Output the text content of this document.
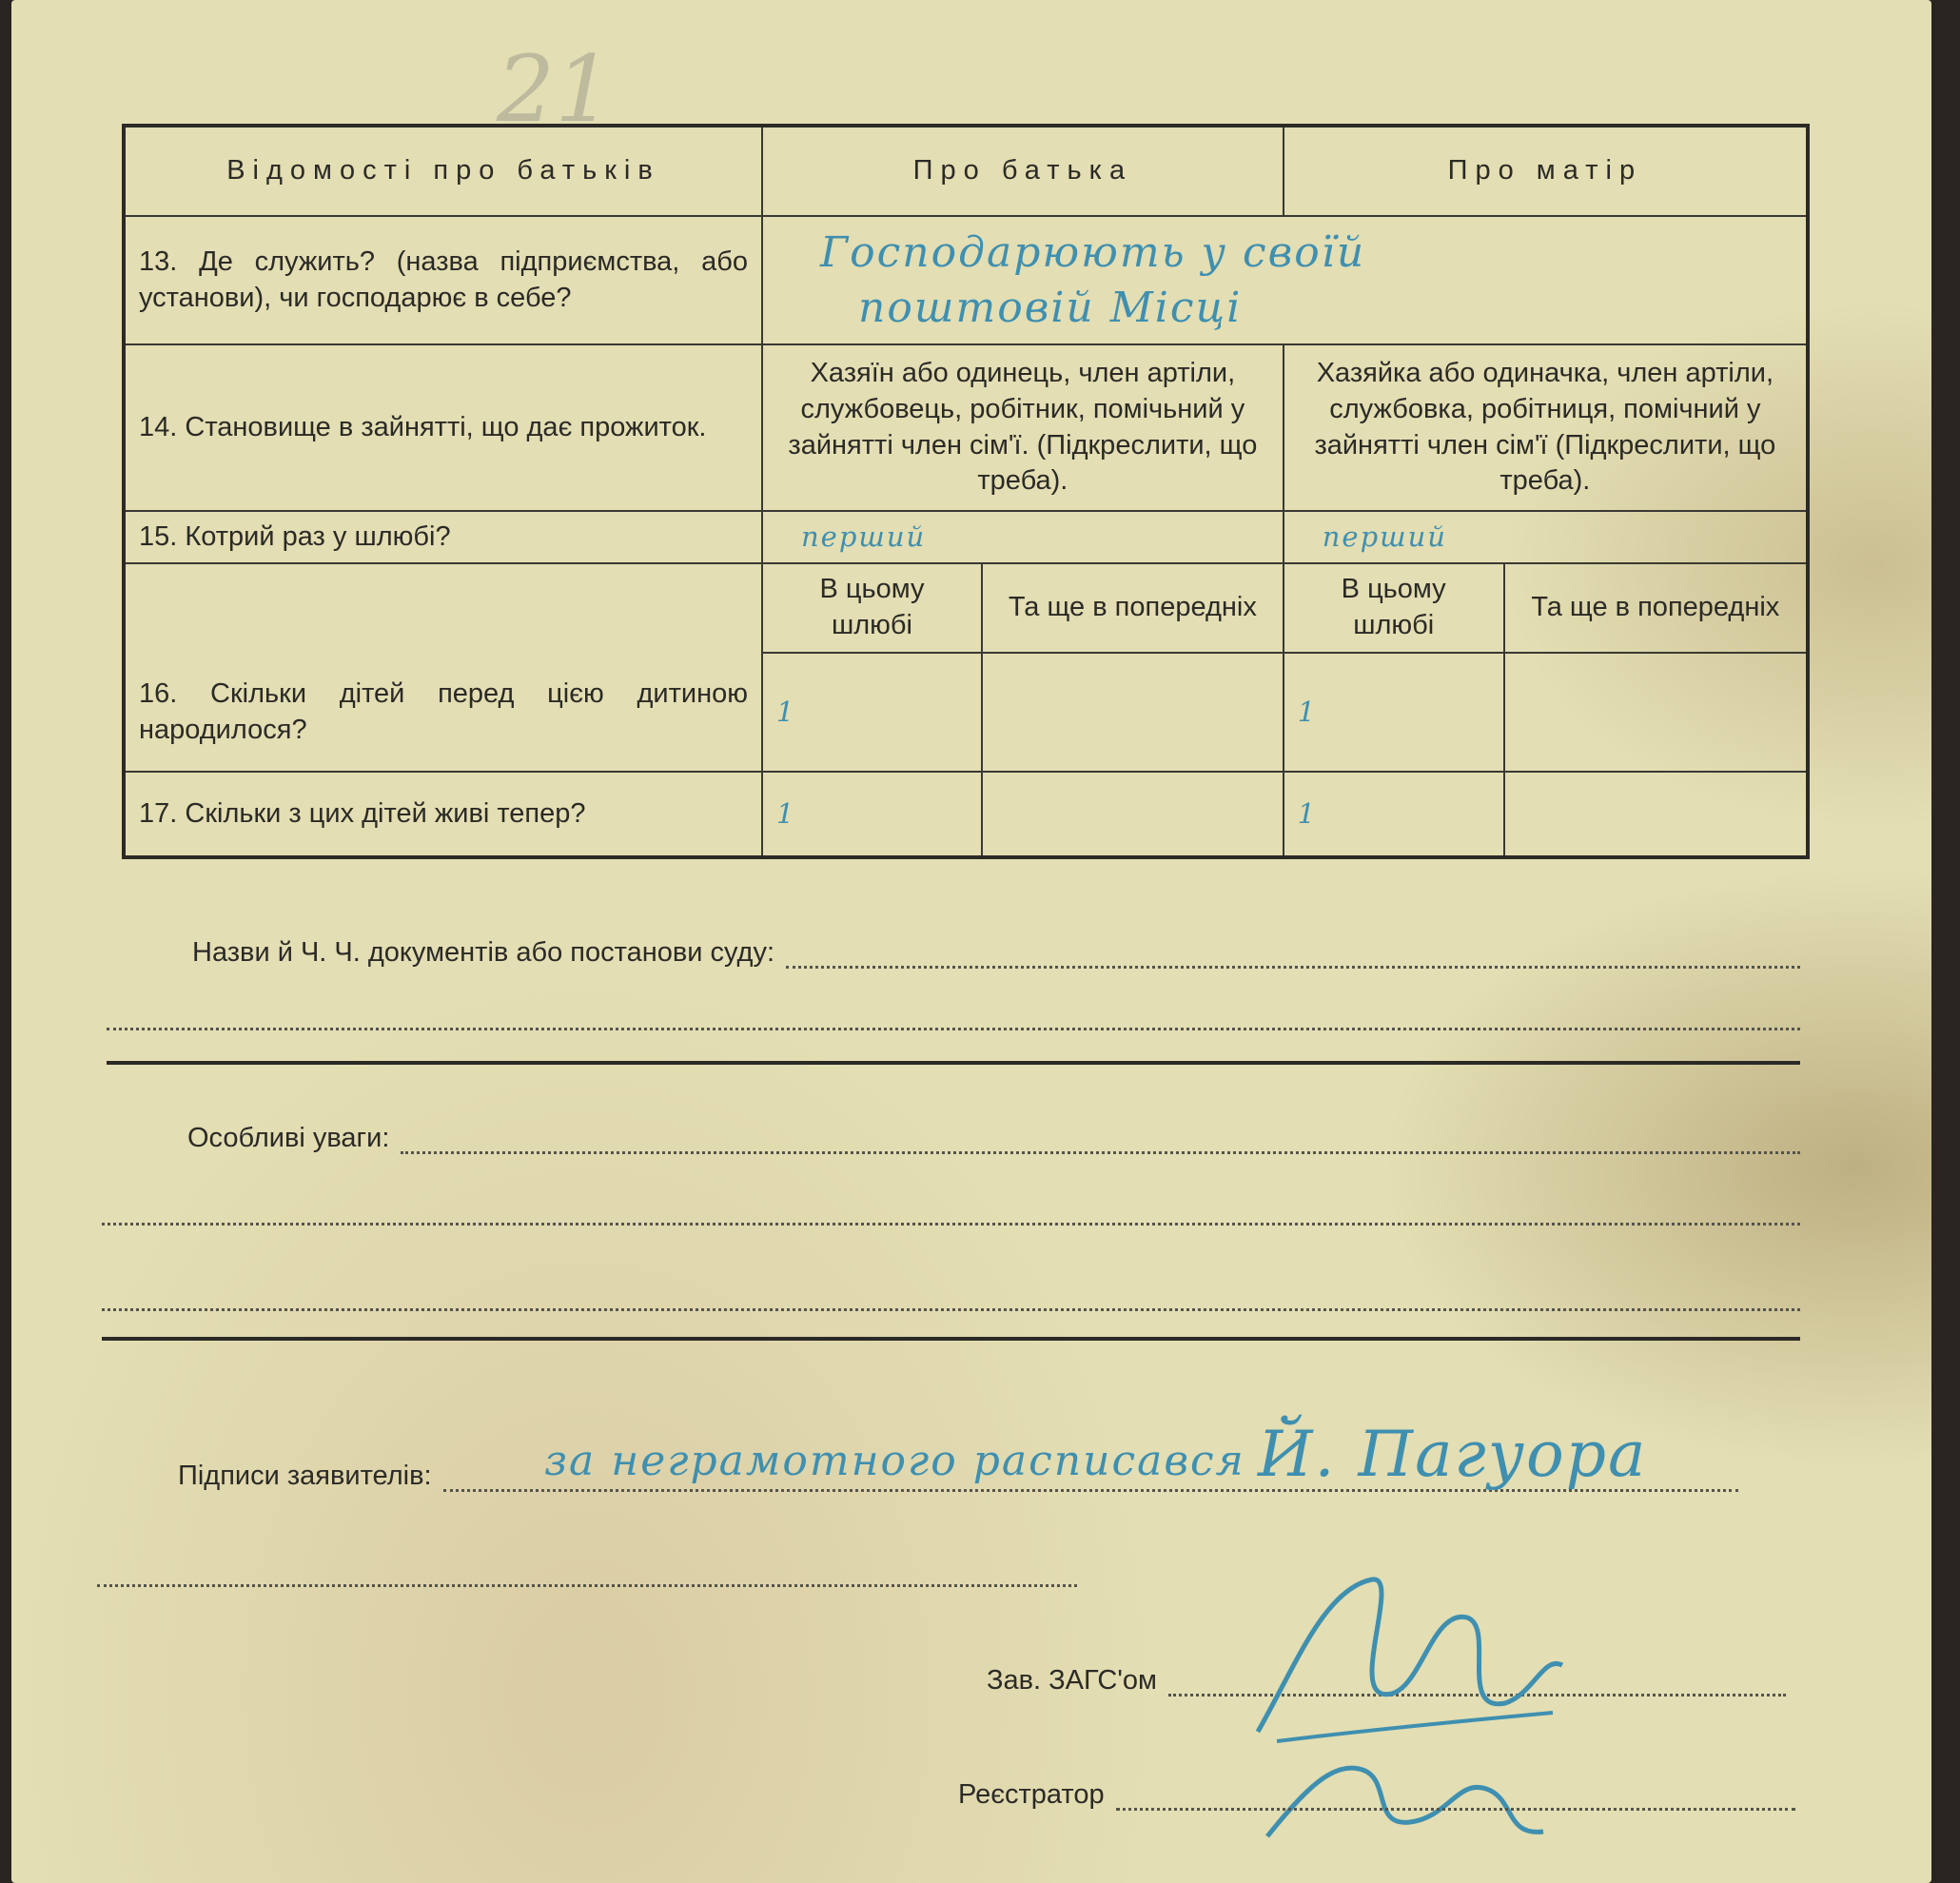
21
Відомості про батьків	Про батька		Про матір	
13. Де служить? (назва підприємства, або установи), чи господарює в себе?	Господарюють у своїй
поштовій Місцi			

14. Становище в зайнятті, що дає прожиток.	Хазяїн або одинець, член артіли, службовець, робітник, помічьний у зайнятті член сім'ї. (Підкреслити, що треба).		Хазяйка або одиначка, член артіли, службовка, робітниця, помічний у зайнятті член сім'ї (Підкреслити, що треба).	
15. Котрий раз у шлюбі?	перший		перший	
16. Скільки дітей перед цією дитиною народилося?	В цьому шлюбі	Та ще в попередніх	В цьому шлюбі	Та ще в попередніх
	1		1	
17. Скільки з цих дітей живі тепер?	1		1	
Назви й Ч. Ч. документів або постанови суду:
Особливі уваги:
Підписи заявителів:	за неграмотного расписався Й. Пагуора
Зав. ЗАГС'ом
Реєстратор
